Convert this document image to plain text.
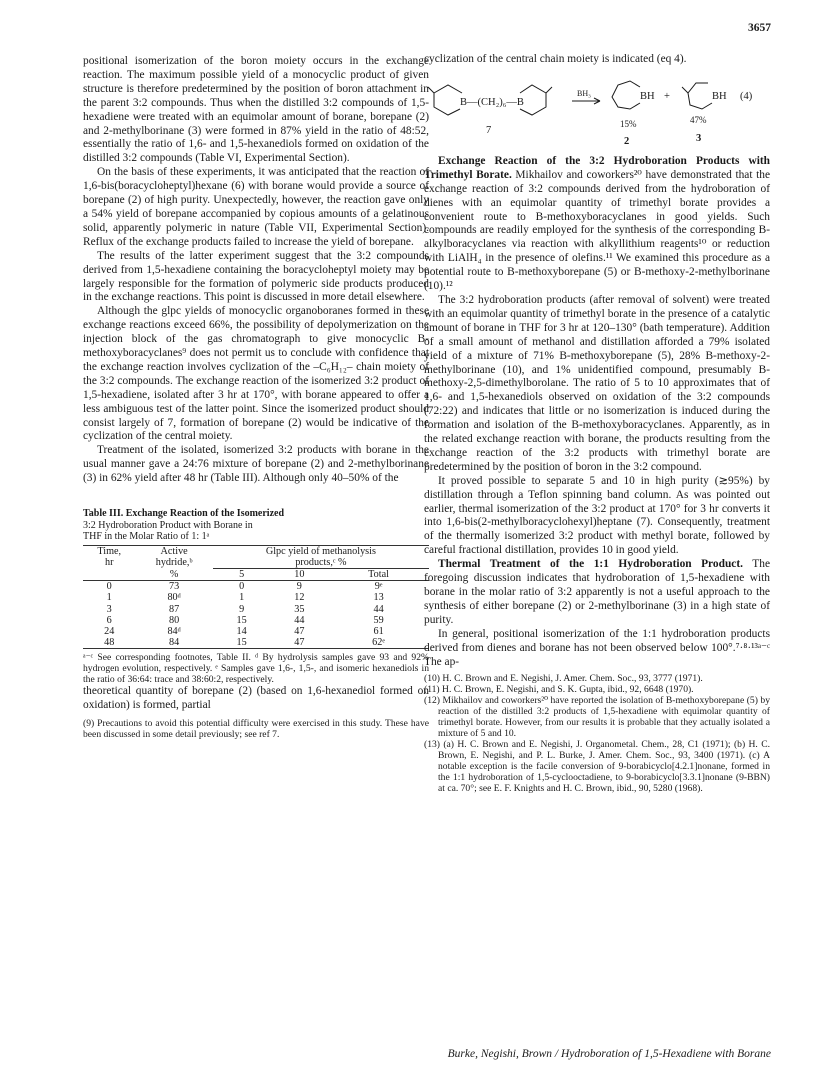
3657

positional isomerization of the boron moiety occurs in the exchange reaction. The maximum possible yield of a monocyclic product of given structure is therefore predetermined by the position of boron attachment in the parent 3:2 compounds. Thus when the distilled 3:2 compounds of 1,5-hexadiene were treated with an equimolar amount of borane, borepane (2) and 2-methylborinane (3) were formed in 87% yield in the ratio of 48:52, essentially the ratio of 1,6- and 1,5-hexanediols formed on oxidation of the distilled 3:2 compounds (Table VI, Experimental Section).

On the basis of these experiments, it was anticipated that the reaction of 1,6-bis(boracycloheptyl)hexane (6) with borane would provide a source of borepane (2) of high purity. Unexpectedly, however, the reaction gave only a 54% yield of borepane accompanied by copious amounts of a gelatinous solid, apparently polymeric in nature (Table VII, Experimental Section). Reflux of the exchange products failed to increase the yield of borepane.

The results of the latter experiment suggest that the 3:2 compounds derived from 1,5-hexadiene containing the boracycloheptyl moiety may be largely responsible for the formation of polymeric side products produced in the exchange reactions. This point is discussed in more detail elsewhere.

Although the glpc yields of monocyclic organoboranes formed in these exchange reactions exceed 66%, the possibility of depolymerization on the injection block of the gas chromatograph to give monocyclic B-methoxyboracyclanes⁹ does not permit us to conclude with confidence that the exchange reaction involves cyclization of the –C₆H₁₂– chain moiety of the 3:2 compounds. The exchange reaction of the isomerized 3:2 product of 1,5-hexadiene, isolated after 3 hr at 170°, with borane appeared to offer a less ambiguous test of the latter point. Since the isomerized product should consist largely of 7, formation of borepane (2) would be indicative of the cyclization of the central moiety.

Treatment of the isolated, isomerized 3:2 products with borane in the usual manner gave a 24:76 mixture of borepane (2) and 2-methylborinane (3) in 62% yield after 48 hr (Table III). Although only 40–50% of the

Table III. Exchange Reaction of the Isomerized
3:2 Hydroboration Product with Borane in
THF in the Molar Ratio of 1: 1ᵃ
Time,	Active	Glpc yield of methanolysis		
hr	hydride,ᵇ	products,ᶜ %		
	%	5	10	Total
0	73	0	9	9ᵉ
1	80ᵈ	1	12	13
3	87	9	35	44
6	80	15	44	59
24	84ᵈ	14	47	61
48	84	15	47	62ᵉ
ᵃ⁻ᶜ See corresponding footnotes, Table II. ᵈ By hydrolysis samples gave 93 and 92% hydrogen evolution, respectively. ᵉ Samples gave 1,6-, 1,5-, and isomeric hexanediols in the ratio of 36:64: trace and 38:60:2, respectively.

theoretical quantity of borepane (2) (based on 1,6-hexanediol formed on oxidation) is formed, partial

(9) Precautions to avoid this potential difficulty were exercised in this study. These have been discussed in some detail previously; see ref 7.

cyclization of the central chain moiety is indicated (eq 4).

B—(CH₂)₆—B
BH₃	BH +	BH (4)
7
15%
2
47%
3

Exchange Reaction of the 3:2 Hydroboration Products with Trimethyl Borate. Mikhailov and coworkers²⁰ have demonstrated that the exchange reaction of 3:2 compounds derived from the hydroboration of dienes with an equimolar quantity of trimethyl borate provides a convenient route to B-methoxyboracyclanes in good yields. Such compounds are readily employed for the synthesis of the corresponding B-alkylboracyclanes via reaction with alkyllithium reagents¹⁰ or reduction with LiAlH₄ in the presence of olefins.¹¹ We examined this procedure as a potential route to B-methoxyborepane (5) or B-methoxy-2-methylborinane (10).¹²

The 3:2 hydroboration products (after removal of solvent) were treated with an equimolar quantity of trimethyl borate in the presence of a catalytic amount of borane in THF for 3 hr at 120–130° (bath temperature). Addition of a small amount of methanol and distillation afforded a 79% isolated yield of a mixture of 71% B-methoxyborepane (5), 28% B-methoxy-2-methylborinane (10), and 1% unidentified compound, presumably B-methoxy-2,5-dimethylborolane. The ratio of 5 to 10 approximates that of 1,6- and 1,5-hexanediols observed on oxidation of the 3:2 compounds (72:22) and indicates that little or no isomerization is induced during the formation and isolation of the B-methoxyboracyclanes. Apparently, as in the related exchange reaction with borane, the products resulting from the exchange reaction of the 3:2 products with trimethyl borate are predetermined by the position of boron in the 3:2 compound.

It proved possible to separate 5 and 10 in high purity (≳95%) by distillation through a Teflon spinning band column. As was pointed out earlier, thermal isomerization of the 3:2 product at 170° for 3 hr converts it into 1,6-bis(2-methylboracyclohexyl)heptane (7). Consequently, treatment of the thermally isomerized 3:2 product with methyl borate, followed by careful fractional distillation, provides 10 in good yield.

Thermal Treatment of the 1:1 Hydroboration Product. The foregoing discussion indicates that hydroboration of 1,5-hexadiene with borane in the molar ratio of 3:2 apparently is not a useful approach to the synthesis of either borepane (2) or 2-methylborinane (3) in a high state of purity.

In general, positional isomerization of the 1:1 hydroboration products derived from dienes and borane has not been observed below 100°.⁷·⁸·¹³ᵃ⁻ᶜ The ap-

(10) H. C. Brown and E. Negishi, J. Amer. Chem. Soc., 93, 3777 (1971).

(11) H. C. Brown, E. Negishi, and S. K. Gupta, ibid., 92, 6648 (1970).

(12) Mikhailov and coworkers²⁰ have reported the isolation of B-methoxyborepane (5) by reaction of the distilled 3:2 products of 1,5-hexadiene with equimolar quantity of trimethyl borate. However, from our results it is probable that they actually isolated a mixture of 5 and 10.

(13) (a) H. C. Brown and E. Negishi, J. Organometal. Chem., 28, C1 (1971); (b) H. C. Brown, E. Negishi, and P. L. Burke, J. Amer. Chem. Soc., 93, 3400 (1971). (c) A notable exception is the facile conversion of 9-borabicyclo[4.2.1]nonane, formed in the 1:1 hydroboration of 1,5-cyclooctadiene, to 9-borabicyclo[3.3.1]nonane (9-BBN) at ca. 70°; see E. F. Knights and H. C. Brown, ibid., 90, 5280 (1968).

Burke, Negishi, Brown / Hydroboration of 1,5-Hexadiene with Borane
